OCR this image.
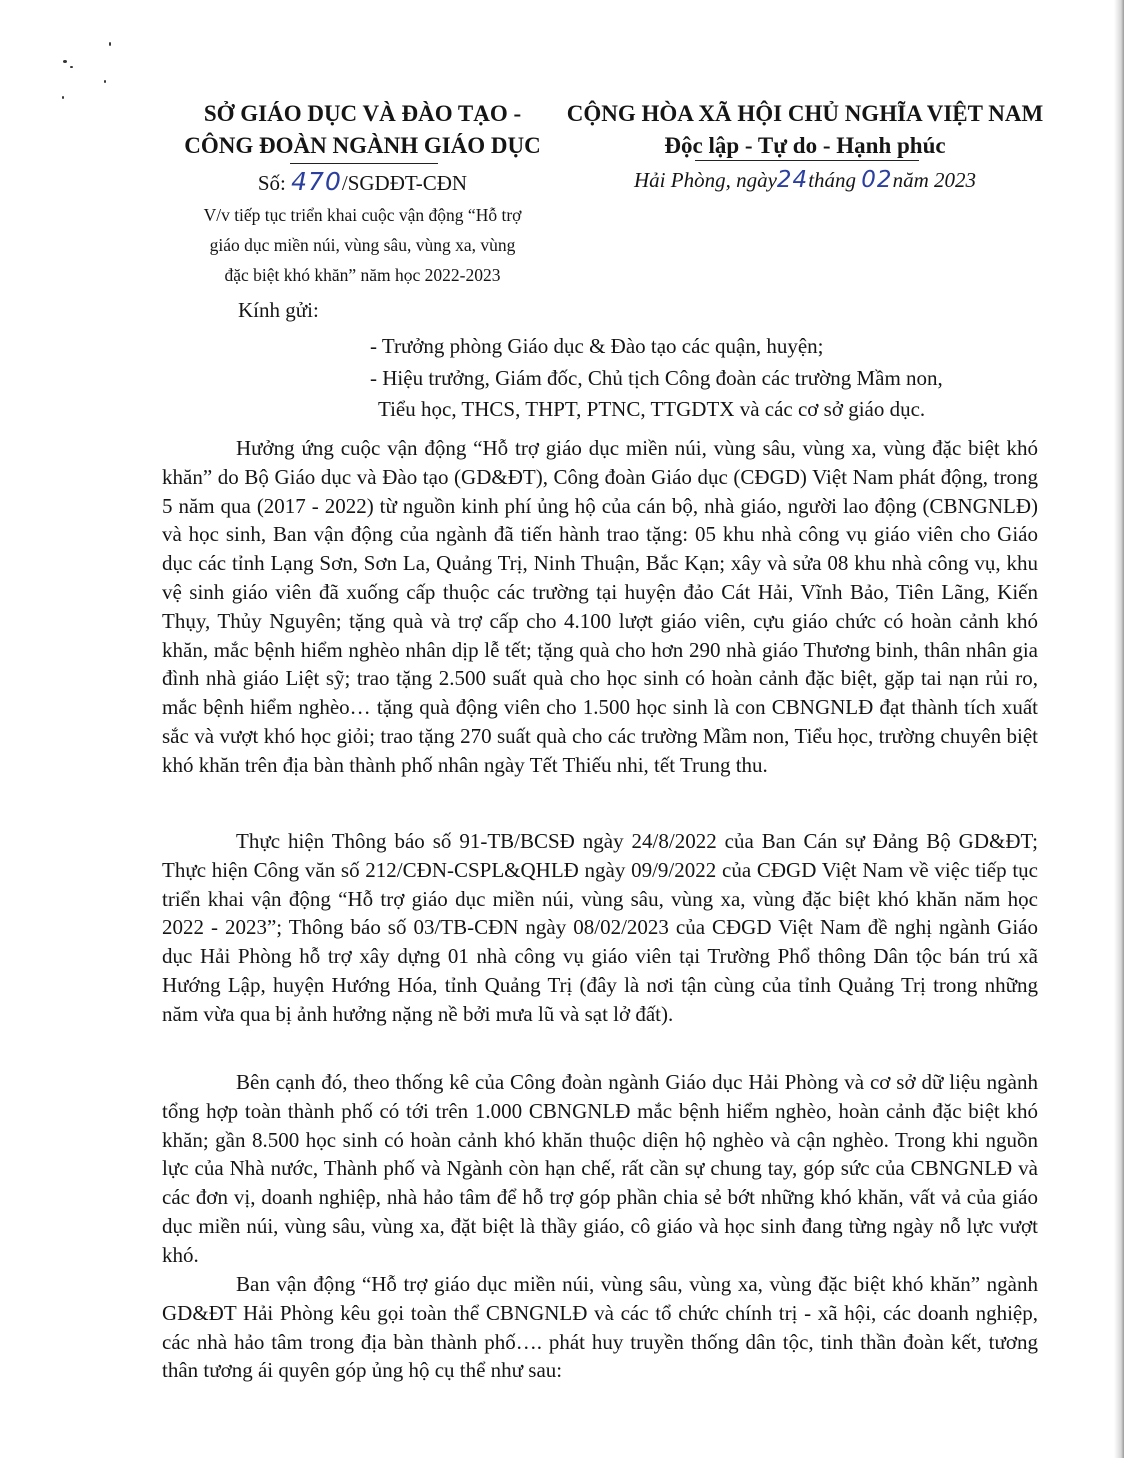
SỞ GIÁO DỤC VÀ ĐÀO TẠO -
CÔNG ĐOÀN NGÀNH GIÁO DỤC
CỘNG HÒA XÃ HỘI CHỦ NGHĨA VIỆT NAM
Độc lập - Tự do - Hạnh phúc
Số: 470/SGDĐT-CĐN	Hải Phòng, ngày24tháng 02năm 2023
V/v tiếp tục triển khai cuộc vận động “Hỗ trợ
giáo dục miền núi, vùng sâu, vùng xa, vùng
đặc biệt khó khăn” năm học 2022-2023
Kính gửi:
- Trưởng phòng Giáo dục & Đào tạo các quận, huyện;
- Hiệu trưởng, Giám đốc, Chủ tịch Công đoàn các trường Mầm non,
Tiểu học, THCS, THPT, PTNC, TTGDTX và các cơ sở giáo dục.

Hưởng ứng cuộc vận động “Hỗ trợ giáo dục miền núi, vùng sâu, vùng xa, vùng đặc biệt khó khăn” do Bộ Giáo dục và Đào tạo (GD&ĐT), Công đoàn Giáo dục (CĐGD) Việt Nam phát động, trong 5 năm qua (2017 - 2022) từ nguồn kinh phí ủng hộ của cán bộ, nhà giáo, người lao động (CBNGNLĐ) và học sinh, Ban vận động của ngành đã tiến hành trao tặng: 05 khu nhà công vụ giáo viên cho Giáo dục các tỉnh Lạng Sơn, Sơn La, Quảng Trị, Ninh Thuận, Bắc Kạn; xây và sửa 08 khu nhà công vụ, khu vệ sinh giáo viên đã xuống cấp thuộc các trường tại huyện đảo Cát Hải, Vĩnh Bảo, Tiên Lãng, Kiến Thụy, Thủy Nguyên; tặng quà và trợ cấp cho 4.100 lượt giáo viên, cựu giáo chức có hoàn cảnh khó khăn, mắc bệnh hiểm nghèo nhân dịp lễ tết; tặng quà cho hơn 290 nhà giáo Thương binh, thân nhân gia đình nhà giáo Liệt sỹ; trao tặng 2.500 suất quà cho học sinh có hoàn cảnh đặc biệt, gặp tai nạn rủi ro, mắc bệnh hiểm nghèo… tặng quà động viên cho 1.500 học sinh là con CBNGNLĐ đạt thành tích xuất sắc và vượt khó học giỏi; trao tặng 270 suất quà cho các trường Mầm non, Tiểu học, trường chuyên biệt khó khăn trên địa bàn thành phố nhân ngày Tết Thiếu nhi, tết Trung thu.

Thực hiện Thông báo số 91-TB/BCSĐ ngày 24/8/2022 của Ban Cán sự Đảng Bộ GD&ĐT; Thực hiện Công văn số 212/CĐN-CSPL&QHLĐ ngày 09/9/2022 của CĐGD Việt Nam về việc tiếp tục triển khai vận động “Hỗ trợ giáo dục miền núi, vùng sâu, vùng xa, vùng đặc biệt khó khăn năm học 2022 - 2023”; Thông báo số 03/TB-CĐN ngày 08/02/2023 của CĐGD Việt Nam đề nghị ngành Giáo dục Hải Phòng hỗ trợ xây dựng 01 nhà công vụ giáo viên tại Trường Phổ thông Dân tộc bán trú xã Hướng Lập, huyện Hướng Hóa, tỉnh Quảng Trị (đây là nơi tận cùng của tỉnh Quảng Trị trong những năm vừa qua bị ảnh hưởng nặng nề bởi mưa lũ và sạt lở đất).

Bên cạnh đó, theo thống kê của Công đoàn ngành Giáo dục Hải Phòng và cơ sở dữ liệu ngành tổng hợp toàn thành phố có tới trên 1.000 CBNGNLĐ mắc bệnh hiểm nghèo, hoàn cảnh đặc biệt khó khăn; gần 8.500 học sinh có hoàn cảnh khó khăn thuộc diện hộ nghèo và cận nghèo. Trong khi nguồn lực của Nhà nước, Thành phố và Ngành còn hạn chế, rất cần sự chung tay, góp sức của CBNGNLĐ và các đơn vị, doanh nghiệp, nhà hảo tâm để hỗ trợ góp phần chia sẻ bớt những khó khăn, vất vả của giáo dục miền núi, vùng sâu, vùng xa, đặt biệt là thầy giáo, cô giáo và học sinh đang từng ngày nỗ lực vượt khó.

Ban vận động “Hỗ trợ giáo dục miền núi, vùng sâu, vùng xa, vùng đặc biệt khó khăn” ngành GD&ĐT Hải Phòng kêu gọi toàn thể CBNGNLĐ và các tổ chức chính trị - xã hội, các doanh nghiệp, các nhà hảo tâm trong địa bàn thành phố…. phát huy truyền thống dân tộc, tinh thần đoàn kết, tương thân tương ái quyên góp ủng hộ cụ thể như sau:
